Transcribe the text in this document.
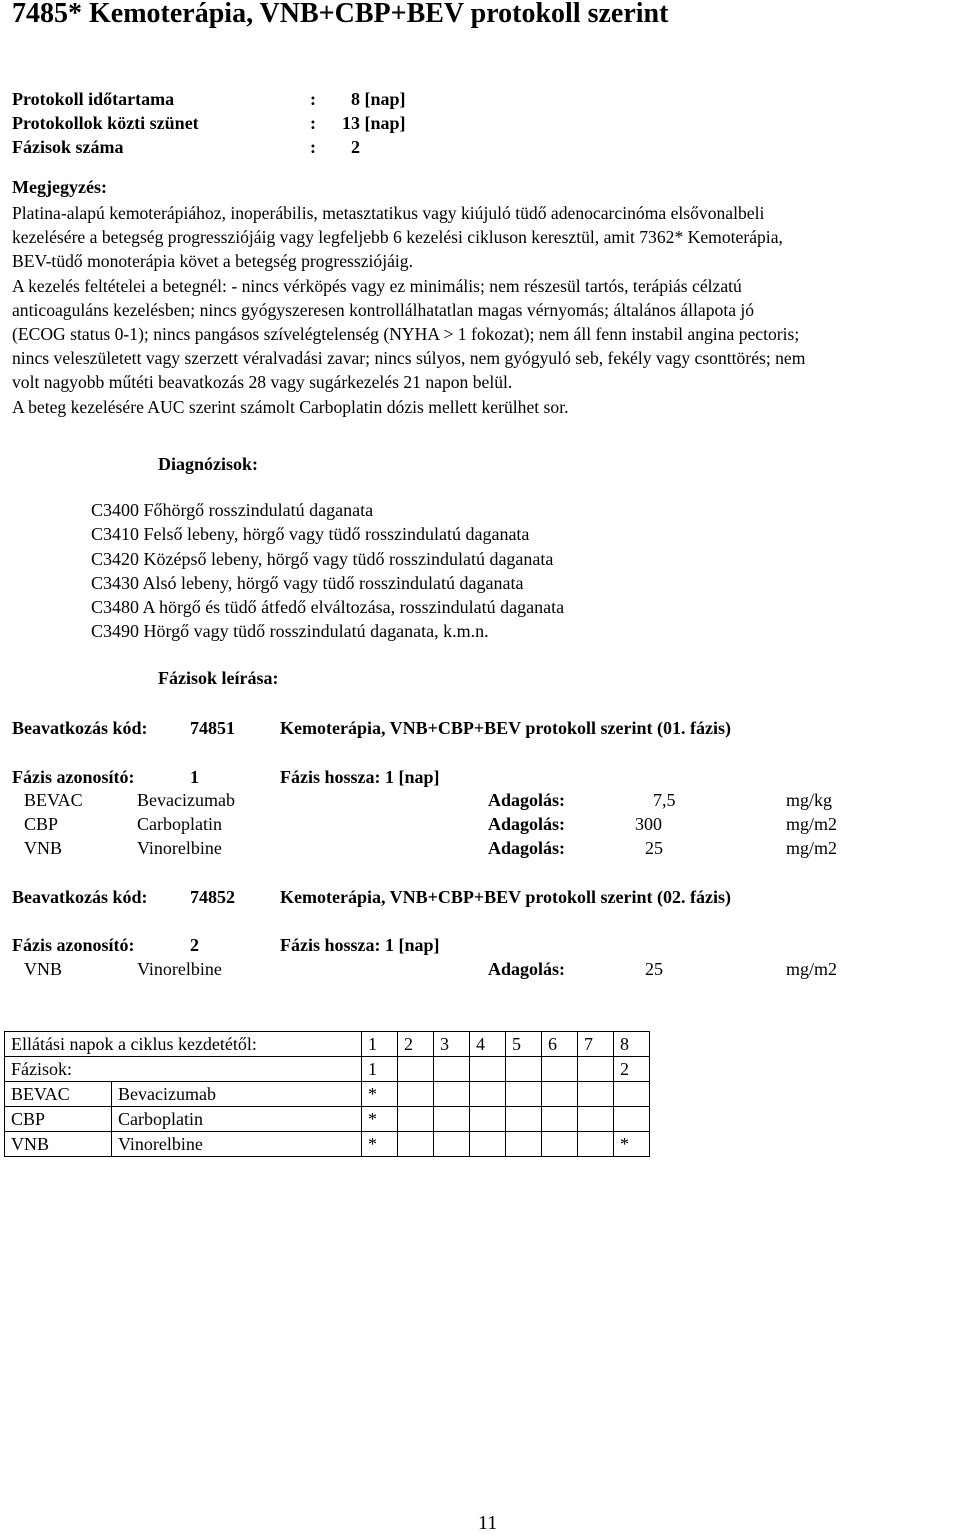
7485* Kemoterápia, VNB+CBP+BEV protokoll szerint
Protokoll időtartama	: 8 [nap]
Protokollok közti szünet	: 13 [nap]
Fázisok száma	: 2
Megjegyzés:
Platina-alapú kemoterápiához, inoperábilis, metasztatikus vagy kiújuló tüdő adenocarcinóma elsővonalbeli
kezelésére a betegség progressziójáig vagy legfeljebb 6 kezelési cikluson keresztül, amit 7362* Kemoterápia,
BEV-tüdő monoterápia követ a betegség progressziójáig.
A kezelés feltételei a betegnél: - nincs vérköpés vagy ez minimális; nem részesül tartós, terápiás célzatú
anticoaguláns kezelésben; nincs gyógyszeresen kontrollálhatatlan magas vérnyomás; általános állapota jó
(ECOG status 0-1); nincs pangásos szívelégtelenség (NYHA > 1 fokozat); nem áll fenn instabil angina pectoris;
nincs veleszületett vagy szerzett véralvadási zavar; nincs súlyos, nem gyógyuló seb, fekély vagy csonttörés; nem
volt nagyobb műtéti beavatkozás 28 vagy sugárkezelés 21 napon belül.
A beteg kezelésére AUC szerint számolt Carboplatin dózis mellett kerülhet sor.
Diagnózisok:
C3400 Főhörgő rosszindulatú daganata
C3410 Felső lebeny, hörgő vagy tüdő rosszindulatú daganata
C3420 Középső lebeny, hörgő vagy tüdő rosszindulatú daganata
C3430 Alsó lebeny, hörgő vagy tüdő rosszindulatú daganata
C3480 A hörgő és tüdő átfedő elváltozása, rosszindulatú daganata
C3490 Hörgő vagy tüdő rosszindulatú daganata, k.m.n.
Fázisok leírása:
Beavatkozás kód: 74851	Kemoterápia, VNB+CBP+BEV protokoll szerint (01. fázis)
Fázis azonosító:	1	Fázis hossza: 1 [nap]
BEVAC	Bevacizumab	Adagolás:	7,5	mg/kg
CBP	Carboplatin	Adagolás:	300	mg/m2
VNB	Vinorelbine	Adagolás:	25	mg/m2
Beavatkozás kód: 74852	Kemoterápia, VNB+CBP+BEV protokoll szerint (02. fázis)
Fázis azonosító:	2	Fázis hossza: 1 [nap]
VNB	Vinorelbine	Adagolás:	25	mg/m2
Ellátási napok a ciklus kezdetétől:		1	2	3	4	5	6	7	8
Fázisok:		1							2
BEVAC	Bevacizumab	*							
CBP	Carboplatin	*							
VNB	Vinorelbine	*							*
11
